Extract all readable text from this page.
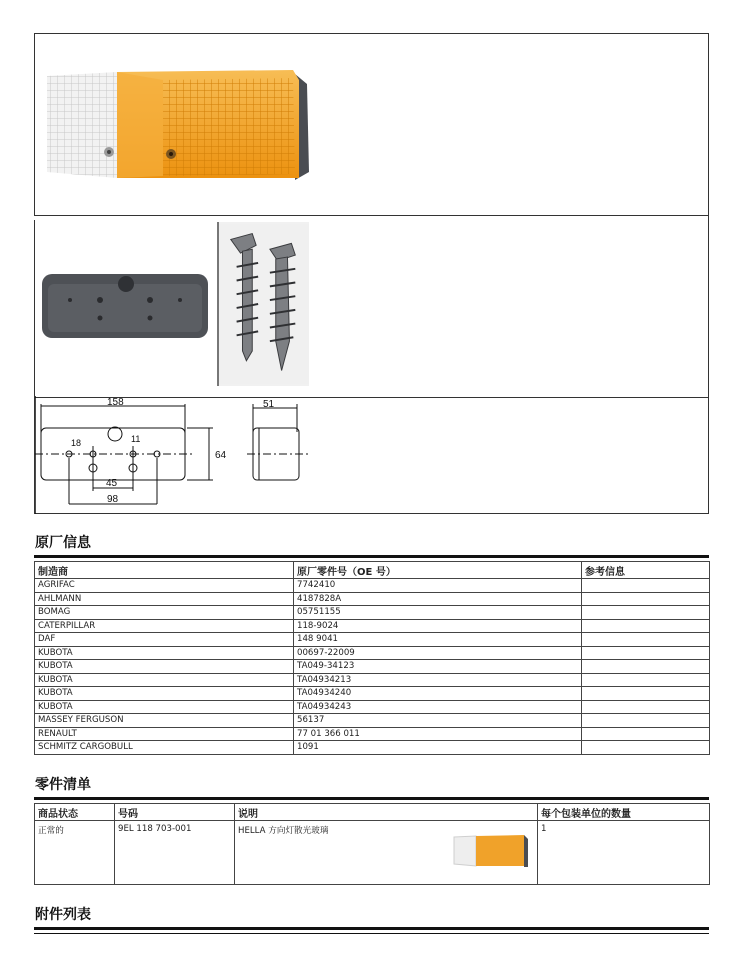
158	51
64
45
98
18	11
原厂信息
制造商	原厂零件号（OE 号）	参考信息
AGRIFAC	7742410	
AHLMANN	4187828A	
BOMAG	05751155	
CATERPILLAR	118-9024	
DAF	148 9041	
KUBOTA	00697-22009	
KUBOTA	TA049-34123	
KUBOTA	TA04934213	
KUBOTA	TA04934240	
KUBOTA	TA04934243	
MASSEY FERGUSON	56137	
RENAULT	77 01 366 011	
SCHMITZ CARGOBULL	1091	
零件清单
商品状态	号码	说明	每个包装单位的数量
正常的	9EL 118 703-001	HELLA 方向灯散光玻璃	1
附件列表
